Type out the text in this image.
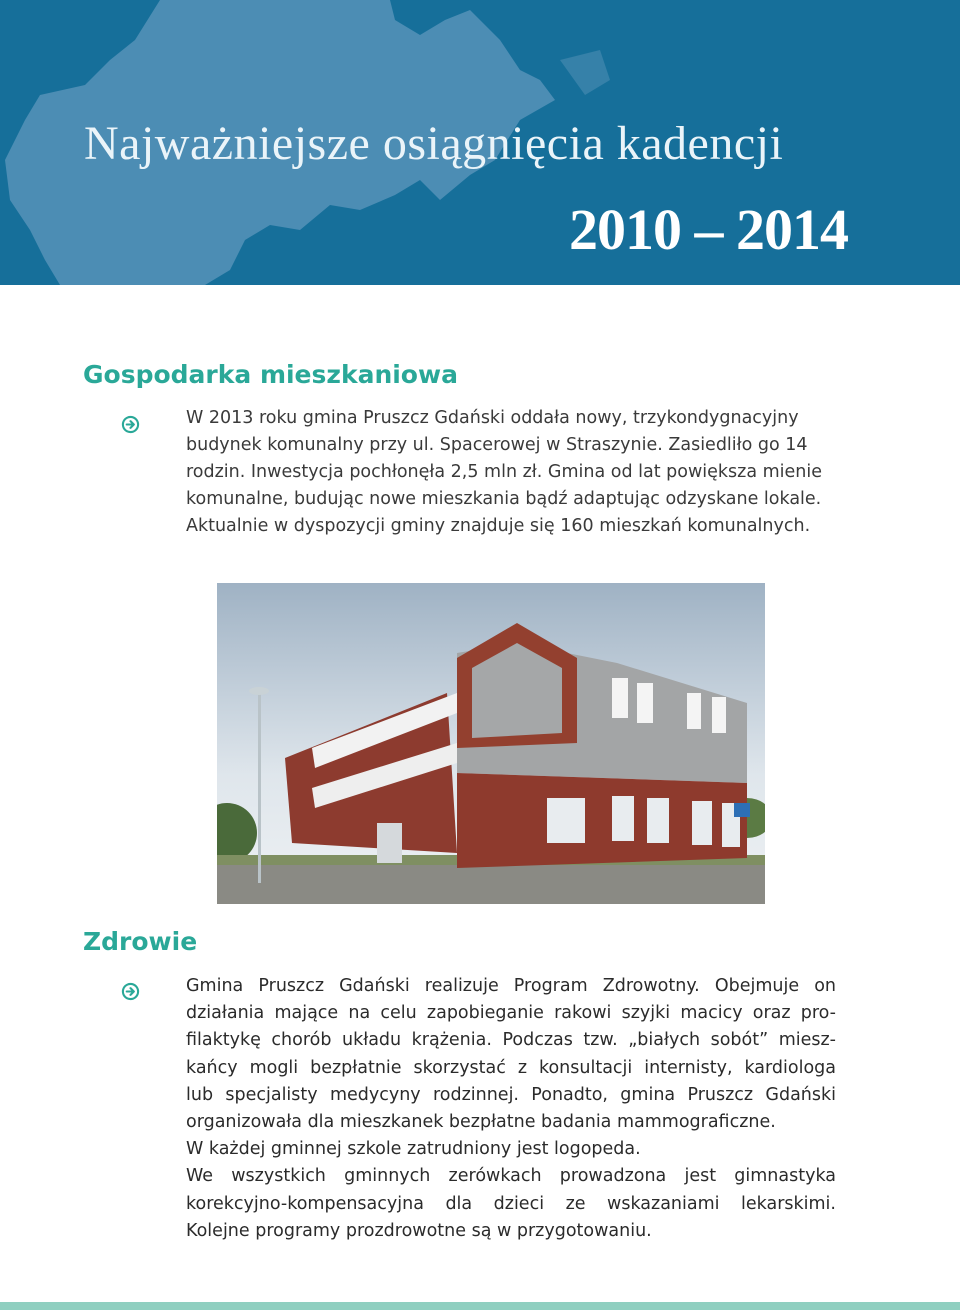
Najważniejsze osiągnięcia kadencji
2010 – 2014
Gospodarka mieszkaniowa
W 2013 roku gmina Pruszcz Gdański oddała nowy, trzykondygnacyjny
budynek komunalny przy ul. Spacerowej w Straszynie. Zasiedliło go 14
rodzin. Inwestycja pochłonęła 2,5 mln zł. Gmina od lat powiększa mienie
komunalne, budując nowe mieszkania bądź adaptując odzyskane lokale.
Aktualnie w dyspozycji gminy znajduje się 160 mieszkań komunalnych.
Zdrowie
Gmina Pruszcz Gdański realizuje Program Zdrowotny. Obejmuje on
działania mające na celu zapobieganie rakowi szyjki macicy oraz pro-
filaktykę chorób układu krążenia. Podczas tzw. „białych sobót” miesz-
kańcy mogli bezpłatnie skorzystać z konsultacji internisty, kardiologa
lub specjalisty medycyny rodzinnej. Ponadto, gmina Pruszcz Gdański
organizowała dla mieszkanek bezpłatne badania mammograficzne.
W każdej gminnej szkole zatrudniony jest logopeda.
We wszystkich gminnych zerówkach prowadzona jest gimnastyka
korekcyjno-kompensacyjna dla dzieci ze wskazaniami lekarskimi.
Kolejne programy prozdrowotne są w przygotowaniu.
